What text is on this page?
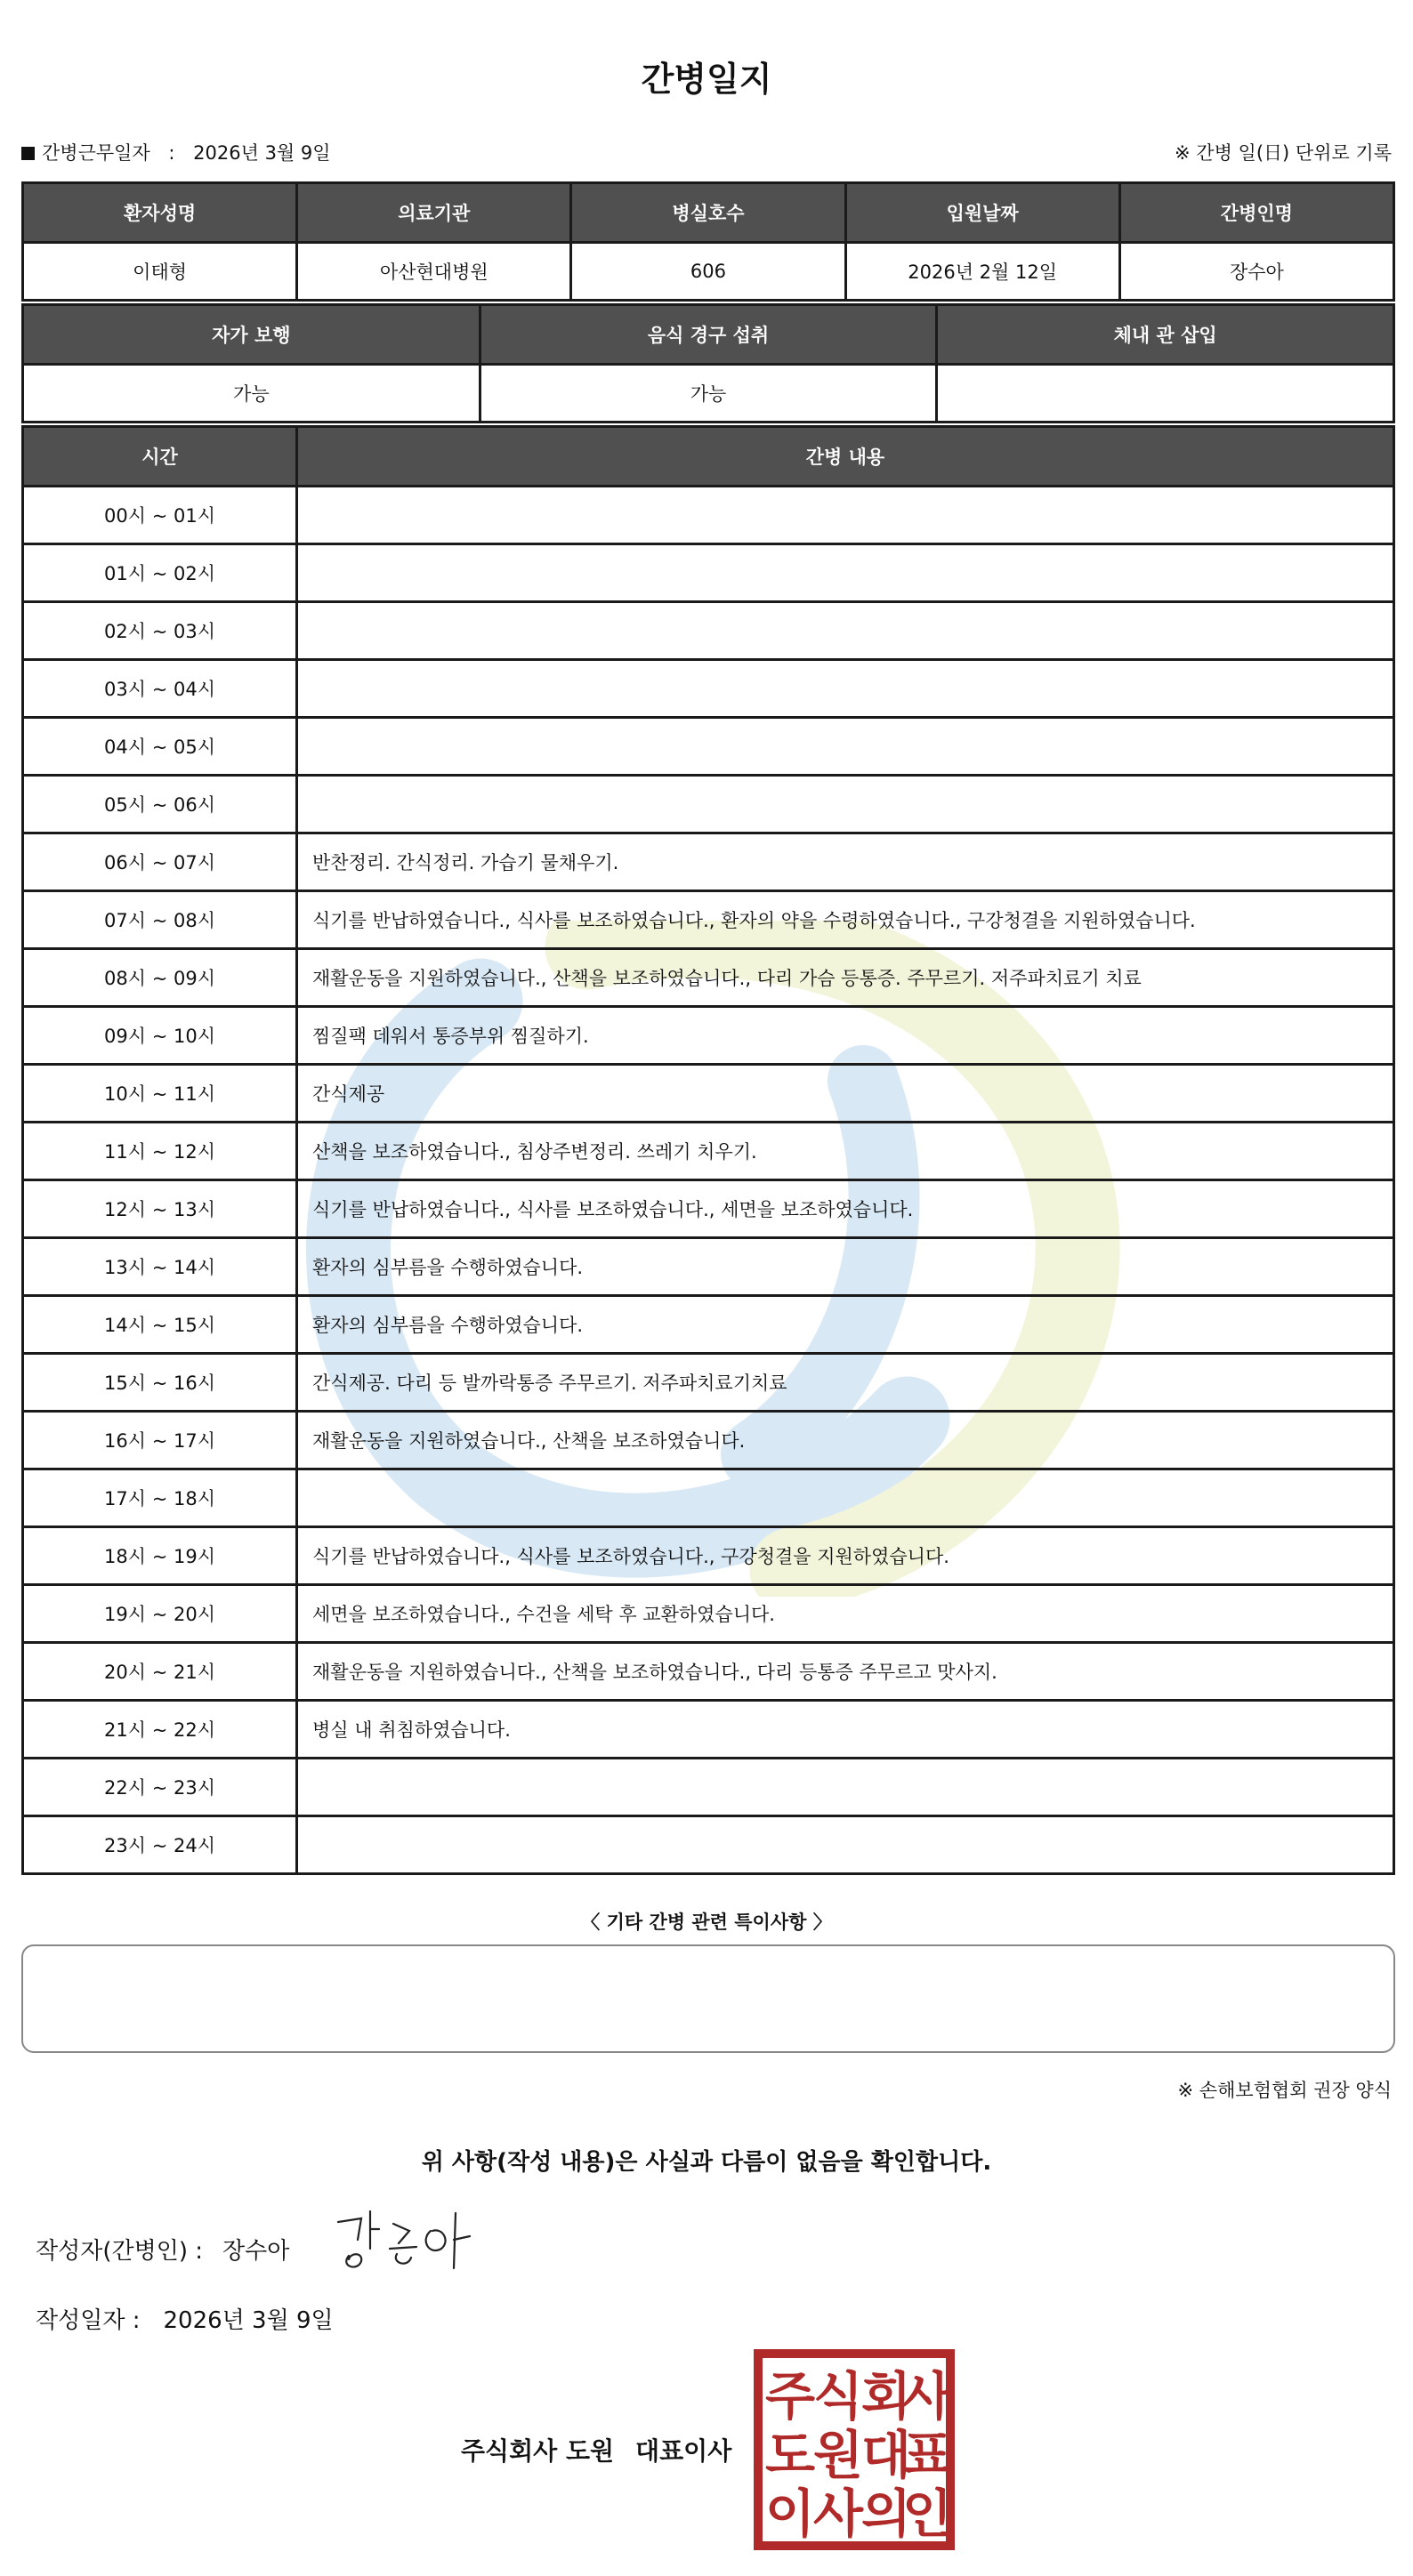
간병일지
간병근무일자 : 2026년 3월 9일	※ 간병 일(日) 단위로 기록
환자성명	의료기관	병실호수	입원날짜	간병인명
이태형	아산현대병원	606	2026년 2월 12일	장수아
자가 보행	음식 경구 섭취	체내 관 삽입
가능	가능	
시간	간병 내용
00시 ~ 01시	
01시 ~ 02시	
02시 ~ 03시	
03시 ~ 04시	
04시 ~ 05시	
05시 ~ 06시	
06시 ~ 07시	반찬정리. 간식정리. 가습기 물채우기.
07시 ~ 08시	식기를 반납하였습니다., 식사를 보조하였습니다., 환자의 약을 수령하였습니다., 구강청결을 지원하였습니다.
08시 ~ 09시	재활운동을 지원하였습니다., 산책을 보조하였습니다., 다리 가슴 등통증. 주무르기. 저주파치료기 치료
09시 ~ 10시	찜질팩 데워서 통증부위 찜질하기.
10시 ~ 11시	간식제공
11시 ~ 12시	산책을 보조하였습니다., 침상주변정리. 쓰레기 치우기.
12시 ~ 13시	식기를 반납하였습니다., 식사를 보조하였습니다., 세면을 보조하였습니다.
13시 ~ 14시	환자의 심부름을 수행하였습니다.
14시 ~ 15시	환자의 심부름을 수행하였습니다.
15시 ~ 16시	간식제공. 다리 등 발까락통증 주무르기. 저주파치료기치료
16시 ~ 17시	재활운동을 지원하였습니다., 산책을 보조하였습니다.
17시 ~ 18시	
18시 ~ 19시	식기를 반납하였습니다., 식사를 보조하였습니다., 구강청결을 지원하였습니다.
19시 ~ 20시	세면을 보조하였습니다., 수건을 세탁 후 교환하였습니다.
20시 ~ 21시	재활운동을 지원하였습니다., 산책을 보조하였습니다., 다리 등통증 주무르고 맛사지.
21시 ~ 22시	병실 내 취침하였습니다.
22시 ~ 23시	
23시 ~ 24시	
〈 기타 간병 관련 특이사항 〉
※ 손해보험협회 권장 양식
위 사항(작성 내용)은 사실과 다름이 없음을 확인합니다.
작성자(간병인) : 장수아
작성일자 : 2026년 3월 9일
주식회사 도원 대표이사
주
식
회
사
도
원
대
표
이
사
의
인
